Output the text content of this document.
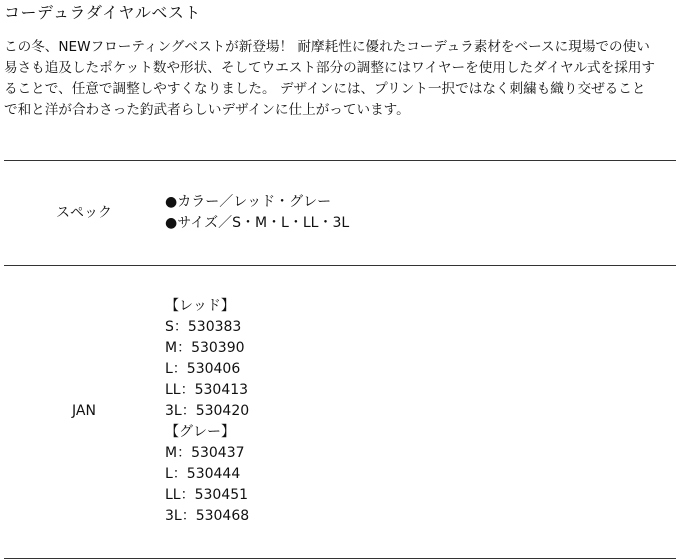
コーデュラダイヤルベスト

この冬、NEWフローティングベストが新登場！ 耐摩耗性に優れたコーデュラ素材をベースに現場での使い

易さも追及したポケット数や形状、そしてウエスト部分の調整にはワイヤーを使用したダイヤル式を採用す

ることで、任意で調整しやすくなりました。 デザインには、プリント一択ではなく刺繍も織り交ぜること

で和と洋が合わさった釣武者らしいデザインに仕上がっています。

スペック
●カラー／レッド・グレー
●サイズ／S・M・L・LL・3L
JAN
【レッド】
S：530383
M：530390
L：530406
LL：530413
3L：530420
【グレー】
M：530437
L：530444
LL：530451
3L：530468
